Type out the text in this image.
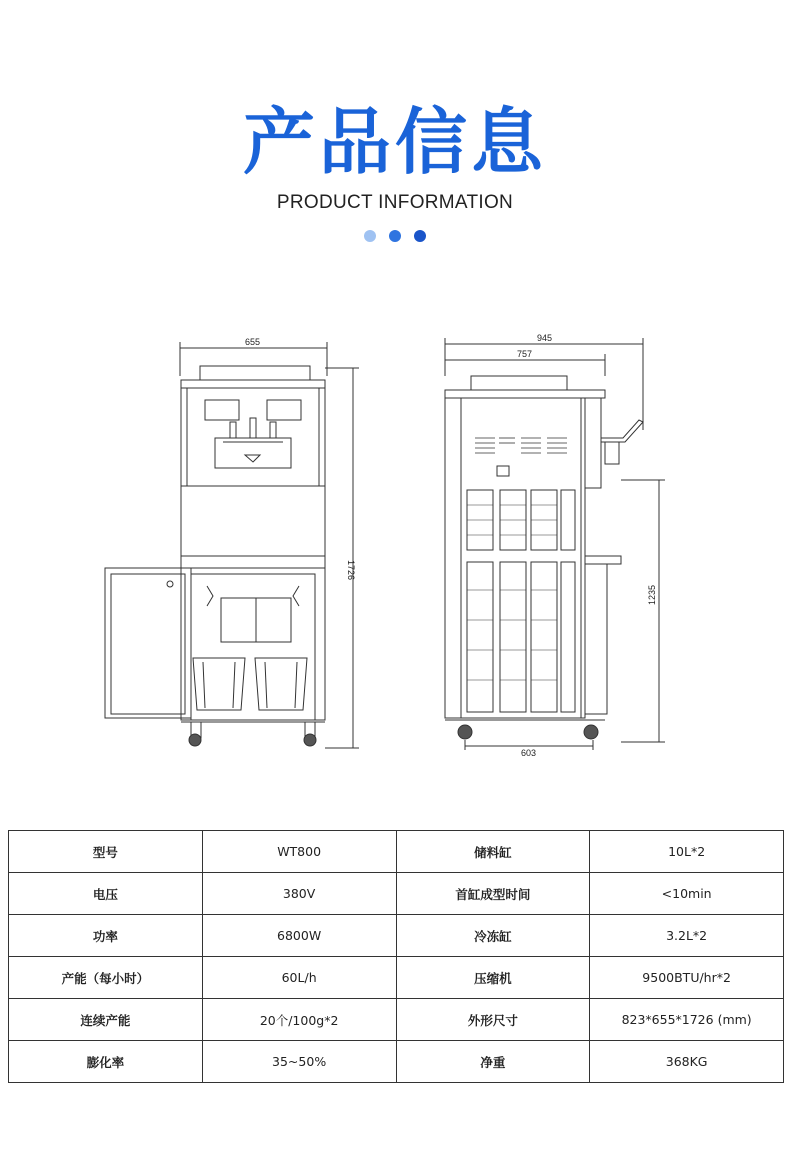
产品信息
PRODUCT INFORMATION
655
1726
945
757
603
1235
型号	WT800	储料缸	10L*2
电压	380V	首缸成型时间	<10min
功率	6800W	冷冻缸	3.2L*2
产能（每小时）	60L/h	压缩机	9500BTU/hr*2
连续产能	20个/100g*2	外形尺寸	823*655*1726 (mm)
膨化率	35~50%	净重	368KG
